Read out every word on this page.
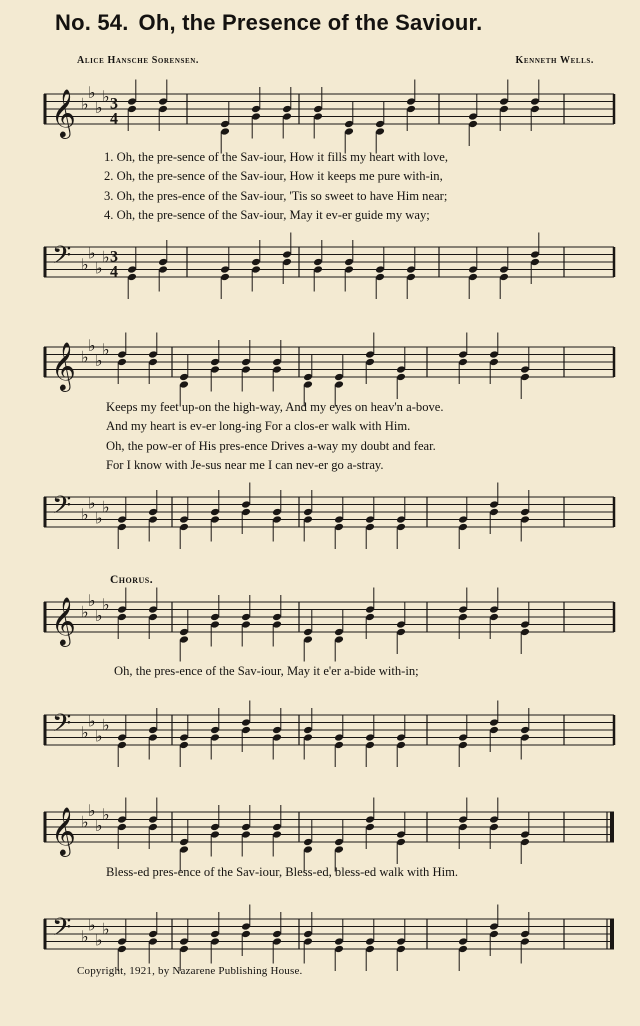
No. 54. Oh, the Presence of the Saviour.
Alice Hansche Sorensen.	Kenneth Wells.
𝄞 ♭
♭
♭
♭ 3
4
1. Oh, the pre-sence of the Sav-iour, How it fills my heart with love,
2. Oh, the pre-sence of the Sav-iour, How it keeps me pure with-in,
3. Oh, the pres-ence of the Sav-iour, 'Tis so sweet to have Him near;
4. Oh, the pre-sence of the Sav-iour, May it ev-er guide my way;
𝄢 ♭
♭
♭
♭ 3
4
𝄞 ♭
♭
♭
♭
Keeps my feet up-on the high-way, And my eyes on heav'n a-bove.
And my heart is ev-er long-ing For a clos-er walk with Him.
Oh, the pow-er of His pres-ence Drives a-way my doubt and fear.
For I know with Je-sus near me I can nev-er go a-stray.
𝄢 ♭
♭
♭
♭
Chorus.
𝄞 ♭
♭
♭
♭
Oh, the pres-ence of the Sav-iour, May it e'er a-bide with-in;
𝄢 ♭
♭
♭
♭
𝄞 ♭
♭
♭
♭
Bless-ed pres-ence of the Sav-iour, Bless-ed, bless-ed walk with Him.
𝄢 ♭
♭
♭
♭
Copyright, 1921, by Nazarene Publishing House.
